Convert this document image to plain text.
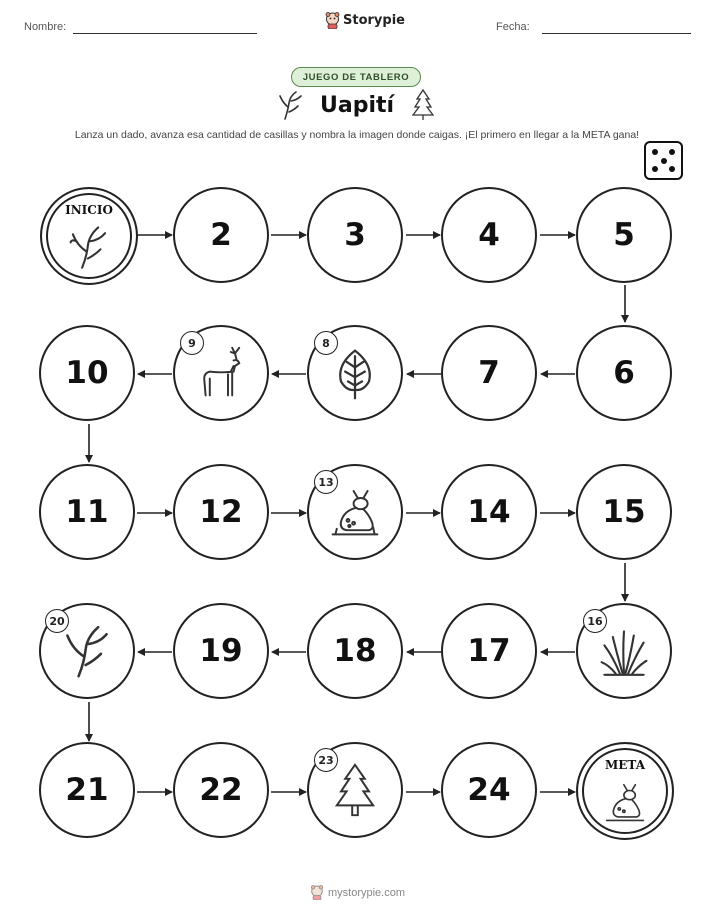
Nombre:	Storypie	Fecha:
JUEGO DE TABLERO
Uapití
Lanza un dado, avanza esa cantidad de casillas y nombra la imagen donde caigas. ¡El primero en llegar a la META gana!
INICIO
2	3	4	5
10
9	8
7	6
11	12
13
14	15
20
19	18	17
16
21	22
23
24
META
mystorypie.com
